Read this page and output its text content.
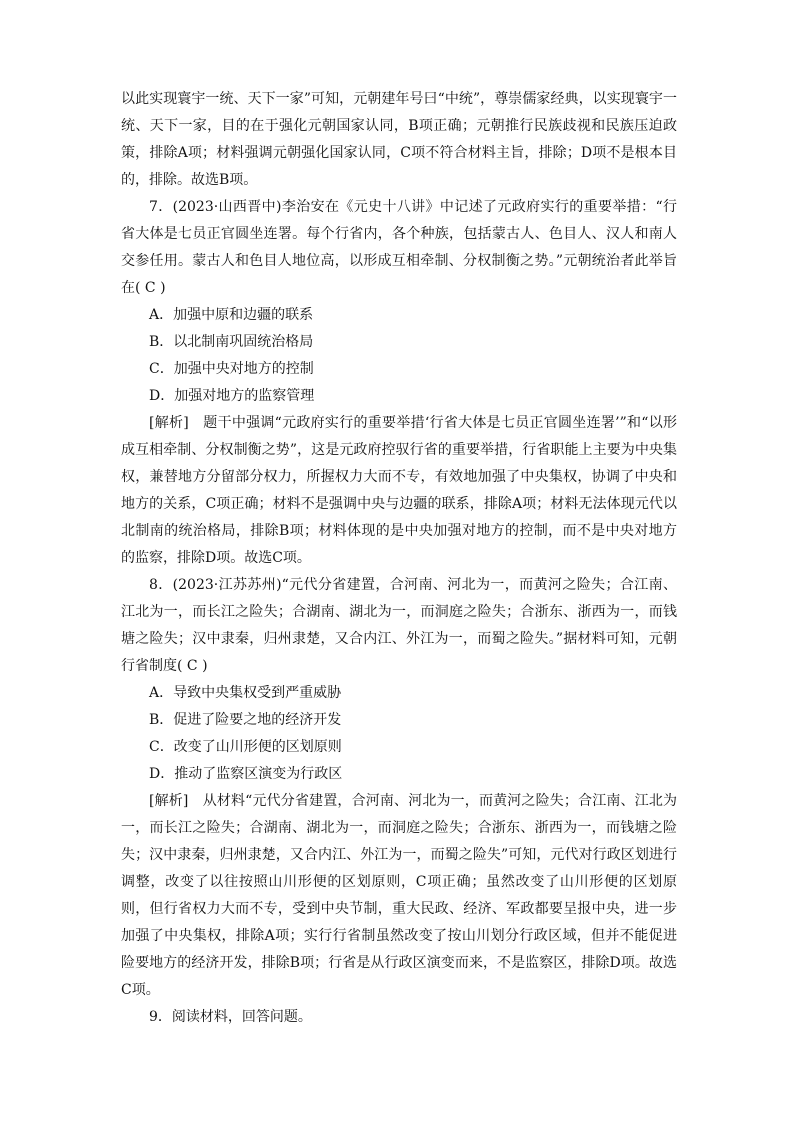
以此实现寰宇一统、天下一家”可知，元朝建年号曰“中统”，尊崇儒家经典，以实现寰宇一统、天下一家，目的在于强化元朝国家认同，B项正确；元朝推行民族歧视和民族压迫政策，排除A项；材料强调元朝强化国家认同，C项不符合材料主旨，排除；D项不是根本目的，排除。故选B项。

7．(2023·山西晋中)李治安在《元史十八讲》中记述了元政府实行的重要举措：“行省大体是七员正官圆坐连署。每个行省内，各个种族，包括蒙古人、色目人、汉人和南人交参任用。蒙古人和色目人地位高，以形成互相牵制、分权制衡之势。”元朝统治者此举旨在( C )

A．加强中原和边疆的联系

B．以北制南巩固统治格局

C．加强中央对地方的控制

D．加强对地方的监察管理

[解析]　题干中强调“元政府实行的重要举措‘行省大体是七员正官圆坐连署’”和“以形成互相牵制、分权制衡之势”，这是元政府控驭行省的重要举措，行省职能上主要为中央集权，兼替地方分留部分权力，所握权力大而不专，有效地加强了中央集权，协调了中央和地方的关系，C项正确；材料不是强调中央与边疆的联系，排除A项；材料无法体现元代以北制南的统治格局，排除B项；材料体现的是中央加强对地方的控制，而不是中央对地方的监察，排除D项。故选C项。

8．(2023·江苏苏州)“元代分省建置，合河南、河北为一，而黄河之险失；合江南、江北为一，而长江之险失；合湖南、湖北为一，而洞庭之险失；合浙东、浙西为一，而钱塘之险失；汉中隶秦，归州隶楚，又合内江、外江为一，而蜀之险失。”据材料可知，元朝行省制度( C )

A．导致中央集权受到严重威胁

B．促进了险要之地的经济开发

C．改变了山川形便的区划原则

D．推动了监察区演变为行政区

[解析]　从材料“元代分省建置，合河南、河北为一，而黄河之险失；合江南、江北为一，而长江之险失；合湖南、湖北为一，而洞庭之险失；合浙东、浙西为一，而钱塘之险失；汉中隶秦，归州隶楚，又合内江、外江为一，而蜀之险失”可知，元代对行政区划进行调整，改变了以往按照山川形便的区划原则，C项正确；虽然改变了山川形便的区划原则，但行省权力大而不专，受到中央节制，重大民政、经济、军政都要呈报中央，进一步加强了中央集权，排除A项；实行行省制虽然改变了按山川划分行政区域，但并不能促进险要地方的经济开发，排除B项；行省是从行政区演变而来，不是监察区，排除D项。故选C项。

9．阅读材料，回答问题。
